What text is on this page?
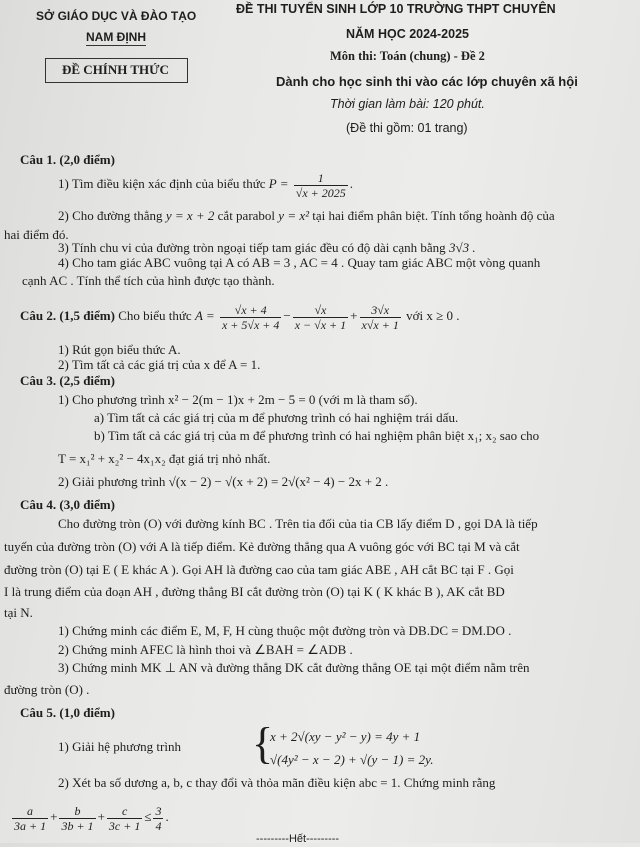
SỞ GIÁO DỤC VÀ ĐÀO TẠO
NAM ĐỊNH
ĐỀ CHÍNH THỨC
ĐỀ THI TUYỂN SINH LỚP 10 TRƯỜNG THPT CHUYÊN
NĂM HỌC 2024-2025
Môn thi: Toán (chung) - Đề 2
Dành cho học sinh thi vào các lớp chuyên xã hội
Thời gian làm bài: 120 phút.
(Đề thi gồm: 01 trang)
Câu 1. (2,0 điểm)
1) Tìm điều kiện xác định của biểu thức $P = \frac{1}{√x + 2025}$ .
2) Cho đường thẳng y = x + 2 cắt parabol y = x² tại hai điểm phân biệt. Tính tổng hoành độ của
hai điểm đó.
3) Tính chu vi của đường tròn ngoại tiếp tam giác đều có độ dài cạnh bằng 3√3 .
4) Cho tam giác ABC vuông tại A có AB = 3 , AC = 4 . Quay tam giác ABC một vòng quanh
cạnh AC . Tính thể tích của hình được tạo thành.
Câu 2. (1,5 điểm) Cho biểu thức $A = \frac{√x + 4}{x + 5√x + 4} - \frac{√x}{x - √x + 1} + \frac{3√x}{x√x + 1}$ với x ≥ 0 .
1) Rút gọn biểu thức A.
2) Tìm tất cả các giá trị của x để A = 1.
Câu 3. (2,5 điểm)
1) Cho phương trình x² − 2(m − 1)x + 2m − 5 = 0 (với m là tham số).
a) Tìm tất cả các giá trị của m để phương trình có hai nghiệm trái dấu.
b) Tìm tất cả các giá trị của m để phương trình có hai nghiệm phân biệt x₁; x₂ sao cho
T = x₁² + x₂² − 4x₁x₂ đạt giá trị nhỏ nhất.
2) Giải phương trình √(x − 2) − √(x + 2) = 2√(x² − 4) − 2x + 2 .
Câu 4. (3,0 điểm)
Cho đường tròn (O) với đường kính BC . Trên tia đối của tia CB lấy điểm D , gọi DA là tiếp
tuyến của đường tròn (O) với A là tiếp điểm. Kẻ đường thẳng qua A vuông góc với BC tại M và cắt
đường tròn (O) tại E ( E khác A ). Gọi AH là đường cao của tam giác ABE , AH cắt BC tại F . Gọi
I là trung điểm của đoạn AH , đường thẳng BI cắt đường tròn (O) tại K ( K khác B ), AK cắt BD
tại N.
1) Chứng minh các điểm E, M, F, H cùng thuộc một đường tròn và DB.DC = DM.DO .
2) Chứng minh AFEC là hình thoi và ∠BAH = ∠ADB .
3) Chứng minh MK ⊥ AN và đường thẳng DK cắt đường thẳng OE tại một điểm nằm trên
đường tròn (O) .
Câu 5. (1,0 điểm)
1) Giải hệ phương trình {
x + 2√(xy − y² − y) = 4y + 1
√(4y² − x − 2) + √(y − 1) = 2y.
2) Xét ba số dương a, b, c thay đổi và thỏa mãn điều kiện abc = 1. Chứng minh rằng
$\frac{a}{3a + 1} + \frac{b}{3b + 1} + \frac{c}{3c + 1} \le \frac{3}{4}$ .
---------Hết---------
